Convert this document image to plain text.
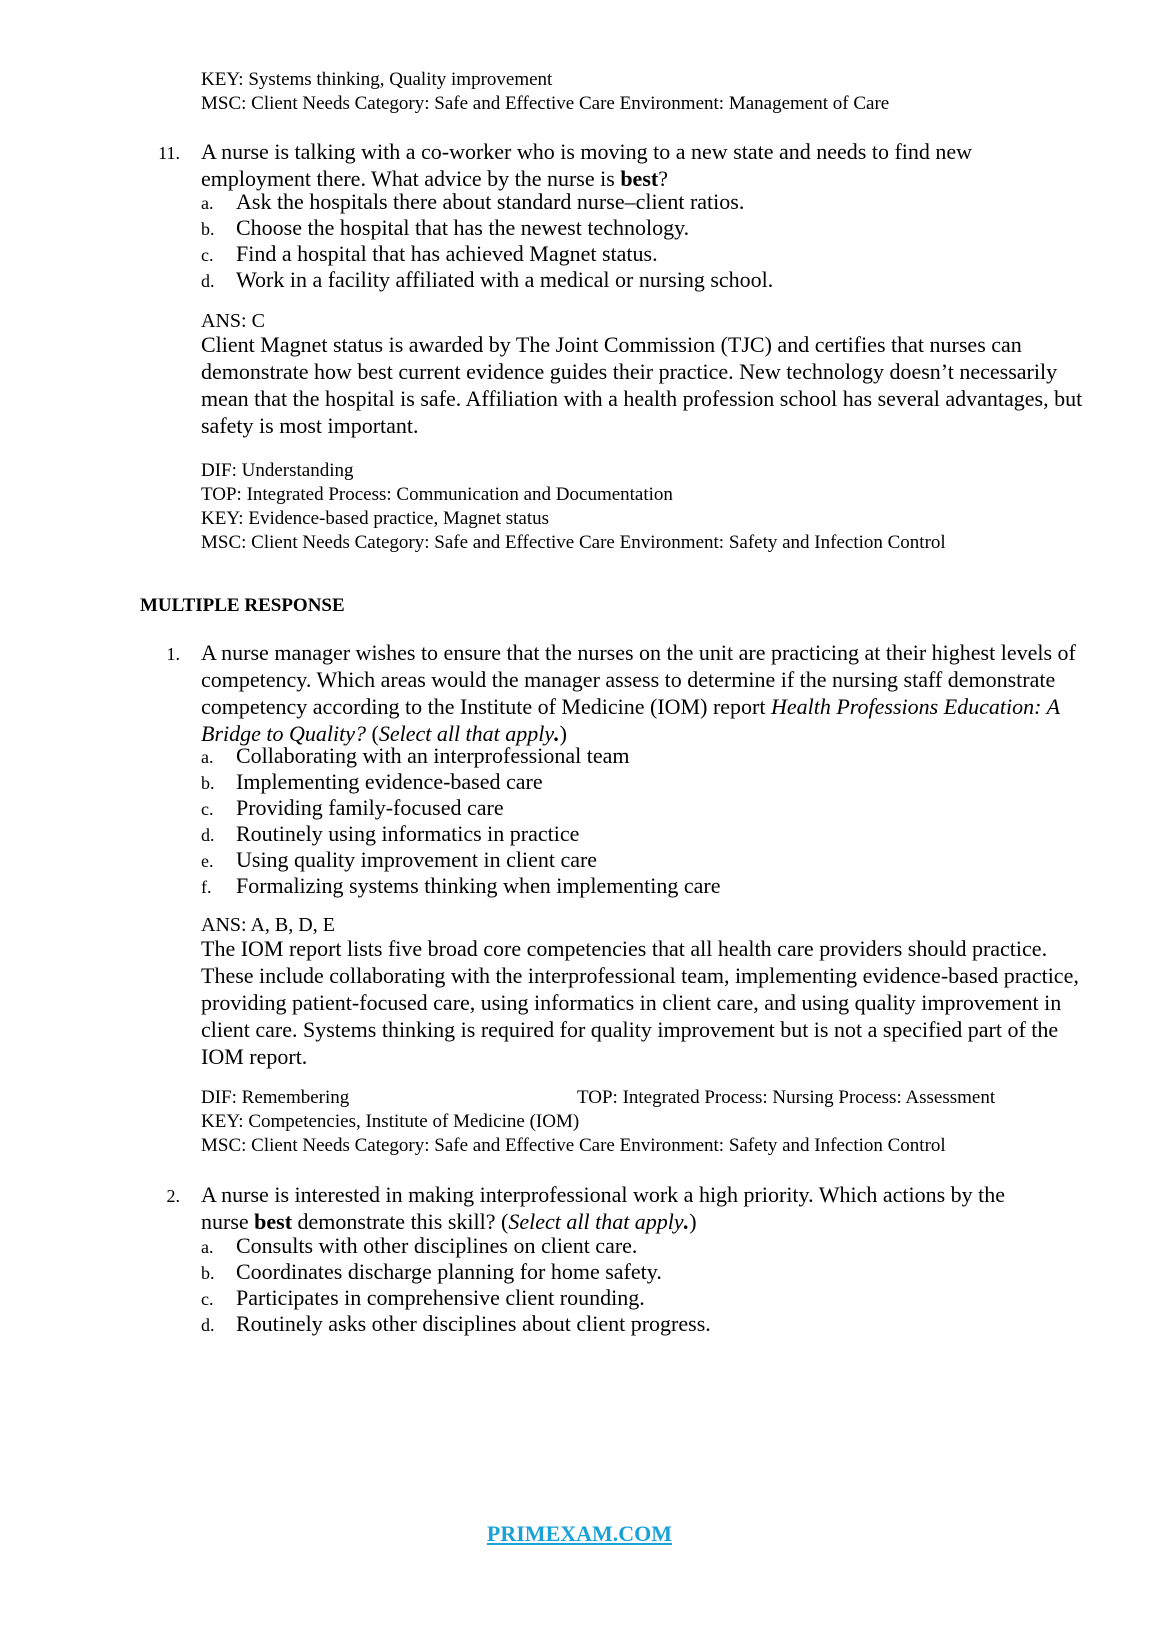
KEY: Systems thinking, Quality improvement
MSC: Client Needs Category: Safe and Effective Care Environment: Management of Care
11. A nurse is talking with a co-worker who is moving to a new state and needs to find new
employment there. What advice by the nurse is best?
a. Ask the hospitals there about standard nurse–client ratios.
b. Choose the hospital that has the newest technology.
c. Find a hospital that has achieved Magnet status.
d. Work in a facility affiliated with a medical or nursing school.
ANS: C
Client Magnet status is awarded by The Joint Commission (TJC) and certifies that nurses can demonstrate how best current evidence guides their practice. New technology doesn’t necessarily mean that the hospital is safe. Affiliation with a health profession school has several advantages, but safety is most important.
DIF: Understanding
TOP: Integrated Process: Communication and Documentation
KEY: Evidence-based practice, Magnet status
MSC: Client Needs Category: Safe and Effective Care Environment: Safety and Infection Control
MULTIPLE RESPONSE
1. A nurse manager wishes to ensure that the nurses on the unit are practicing at their highest levels of competency. Which areas would the manager assess to determine if the nursing staff demonstrate competency according to the Institute of Medicine (IOM) report Health Professions Education: A Bridge to Quality? (Select all that apply.)
a. Collaborating with an interprofessional team
b. Implementing evidence-based care
c. Providing family-focused care
d. Routinely using informatics in practice
e. Using quality improvement in client care
f. Formalizing systems thinking when implementing care
ANS: A, B, D, E
The IOM report lists five broad core competencies that all health care providers should practice. These include collaborating with the interprofessional team, implementing evidence-based practice, providing patient-focused care, using informatics in client care, and using quality improvement in client care. Systems thinking is required for quality improvement but is not a specified part of the IOM report.
DIF: Remembering	TOP: Integrated Process: Nursing Process: Assessment
KEY: Competencies, Institute of Medicine (IOM)
MSC: Client Needs Category: Safe and Effective Care Environment: Safety and Infection Control
2. A nurse is interested in making interprofessional work a high priority. Which actions by the
nurse best demonstrate this skill? (Select all that apply.)
a. Consults with other disciplines on client care.
b. Coordinates discharge planning for home safety.
c. Participates in comprehensive client rounding.
d. Routinely asks other disciplines about client progress.
PRIMEXAM.COM
